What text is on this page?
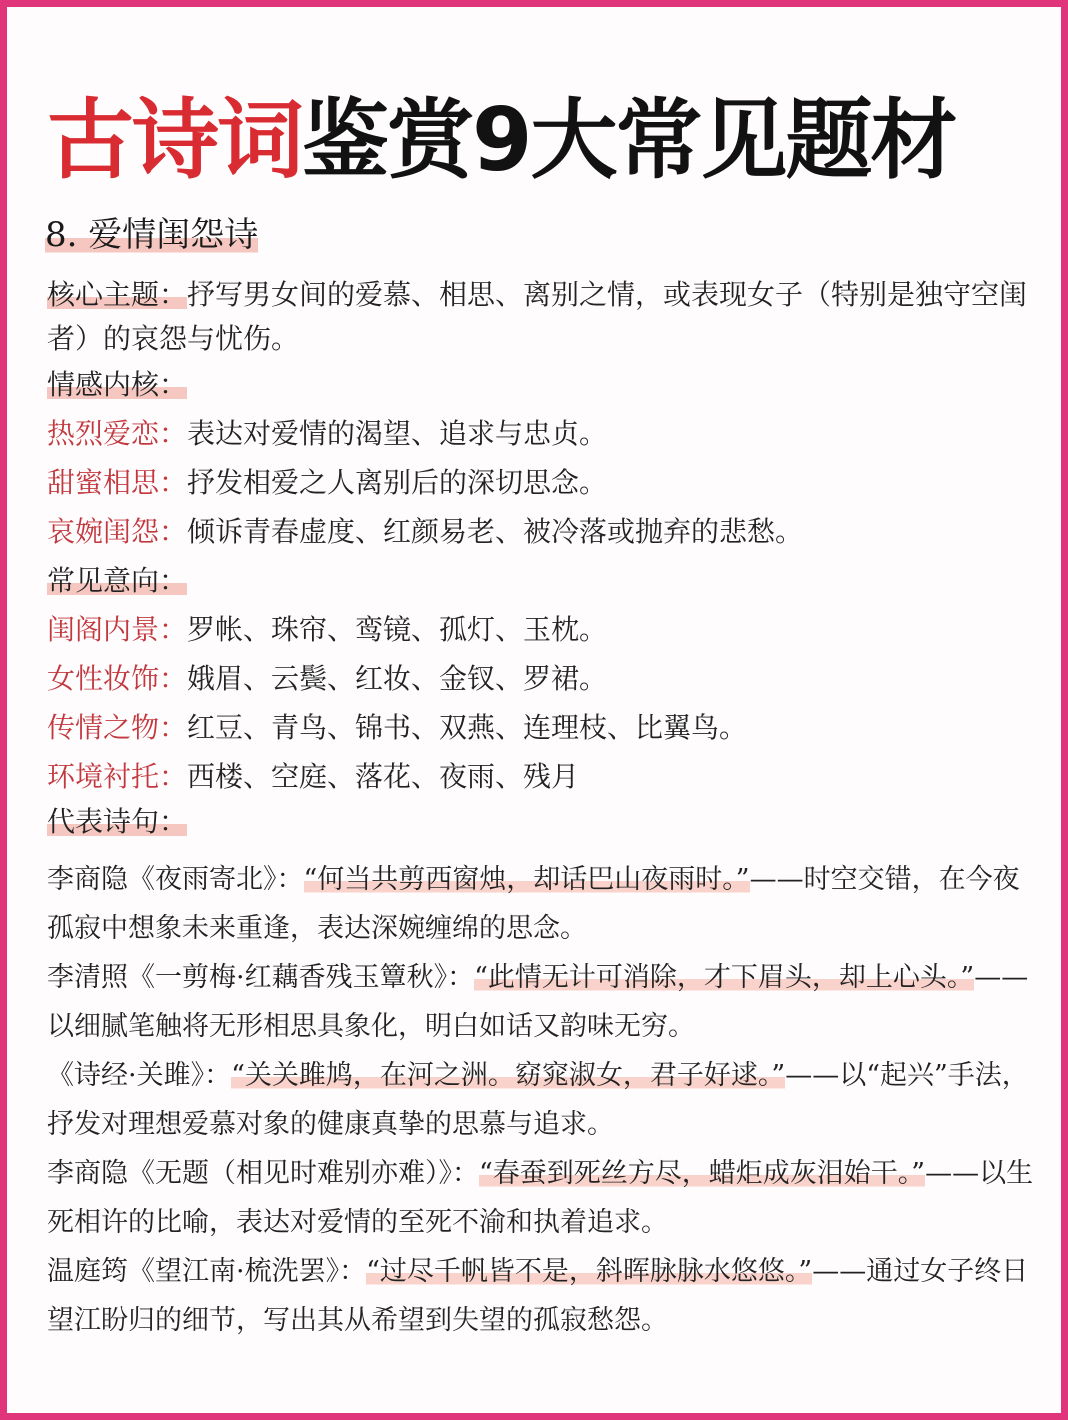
古诗词鉴赏9大常见题材
8. 爱情闺怨诗

核心主题：抒写男女间的爱慕、相思、离别之情，或表现女子（特别是独守空闺者）的哀怨与忧伤。

情感内核：

热烈爱恋：表达对爱情的渴望、追求与忠贞。

甜蜜相思：抒发相爱之人离别后的深切思念。

哀婉闺怨：倾诉青春虚度、红颜易老、被冷落或抛弃的悲愁。

常见意向：

闺阁内景：罗帐、珠帘、鸾镜、孤灯、玉枕。

女性妆饰：娥眉、云鬓、红妆、金钗、罗裙。

传情之物：红豆、青鸟、锦书、双燕、连理枝、比翼鸟。

环境衬托：西楼、空庭、落花、夜雨、残月

代表诗句：

李商隐《夜雨寄北》：“何当共剪西窗烛，却话巴山夜雨时。”——时空交错，在今夜孤寂中想象未来重逢，表达深婉缠绵的思念。

李清照《一剪梅·红藕香残玉簟秋》：“此情无计可消除，才下眉头，却上心头。”——以细腻笔触将无形相思具象化，明白如话又韵味无穷。

《诗经·关雎》：“关关雎鸠，在河之洲。窈窕淑女，君子好逑。”——以“起兴”手法，抒发对理想爱慕对象的健康真挚的思慕与追求。

李商隐《无题（相见时难别亦难）》：“春蚕到死丝方尽，蜡炬成灰泪始干。”——以生死相许的比喻，表达对爱情的至死不渝和执着追求。

温庭筠《望江南·梳洗罢》：“过尽千帆皆不是，斜晖脉脉水悠悠。”——通过女子终日望江盼归的细节，写出其从希望到失望的孤寂愁怨。
